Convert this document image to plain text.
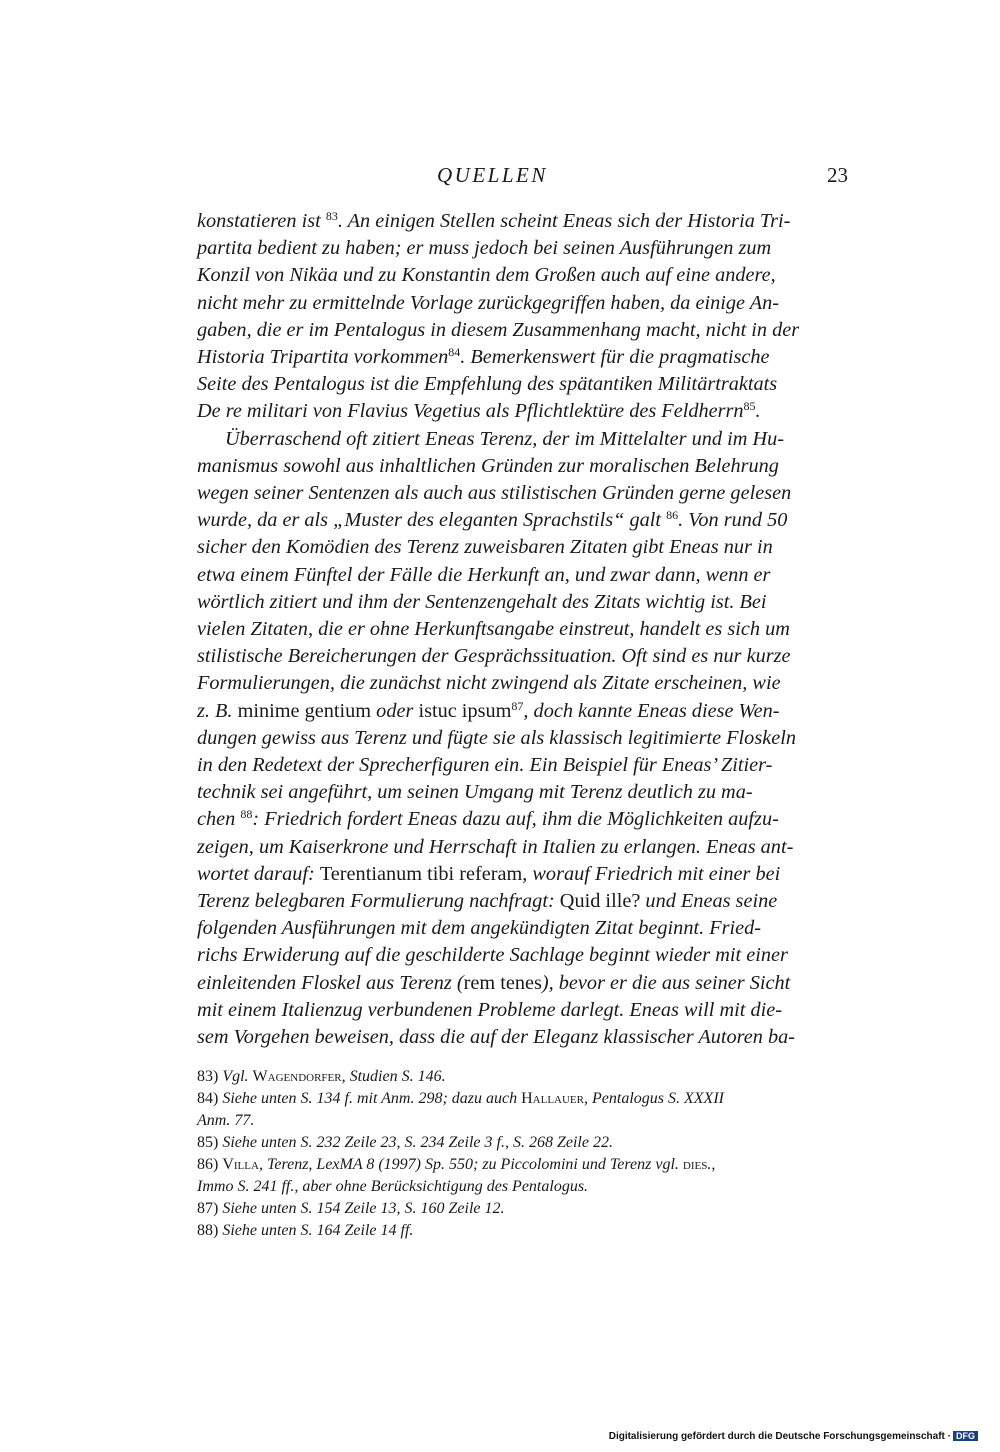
QUELLEN	23

konstatieren ist $^{83}$. An einigen Stellen scheint Eneas sich der Historia Tri-
partita bedient zu haben; er muss jedoch bei seinen Ausführungen zum
Konzil von Nikäa und zu Konstantin dem Großen auch auf eine andere,
nicht mehr zu ermittelnde Vorlage zurückgegriffen haben, da einige An-
gaben, die er im Pentalogus in diesem Zusammenhang macht, nicht in der
Historia Tripartita vorkommen$^{84}$. Bemerkenswert für die pragmatische
Seite des Pentalogus ist die Empfehlung des spätantiken Militärtraktats
De re militari von Flavius Vegetius als Pflichtlektüre des Feldherrn$^{85}$.

Überraschend oft zitiert Eneas Terenz, der im Mittelalter und im Hu-
manismus sowohl aus inhaltlichen Gründen zur moralischen Belehrung
wegen seiner Sentenzen als auch aus stilistischen Gründen gerne gelesen
wurde, da er als „Muster des eleganten Sprachstils“ galt $^{86}$. Von rund 50
sicher den Komödien des Terenz zuweisbaren Zitaten gibt Eneas nur in
etwa einem Fünftel der Fälle die Herkunft an, und zwar dann, wenn er
wörtlich zitiert und ihm der Sentenzengehalt des Zitats wichtig ist. Bei
vielen Zitaten, die er ohne Herkunftsangabe einstreut, handelt es sich um
stilistische Bereicherungen der Gesprächssituation. Oft sind es nur kurze
Formulierungen, die zunächst nicht zwingend als Zitate erscheinen, wie
z. B. minime gentium oder istuc ipsum$^{87}$, doch kannte Eneas diese Wen-
dungen gewiss aus Terenz und fügte sie als klassisch legitimierte Floskeln
in den Redetext der Sprecherfiguren ein. Ein Beispiel für Eneas’ Zitier-
technik sei angeführt, um seinen Umgang mit Terenz deutlich zu ma-
chen $^{88}$: Friedrich fordert Eneas dazu auf, ihm die Möglichkeiten aufzu-
zeigen, um Kaiserkrone und Herrschaft in Italien zu erlangen. Eneas ant-
wortet darauf: Terentianum tibi referam, worauf Friedrich mit einer bei
Terenz belegbaren Formulierung nachfragt: Quid ille? und Eneas seine
folgenden Ausführungen mit dem angekündigten Zitat beginnt. Fried-
richs Erwiderung auf die geschilderte Sachlage beginnt wieder mit einer
einleitenden Floskel aus Terenz (rem tenes), bevor er die aus seiner Sicht
mit einem Italienzug verbundenen Probleme darlegt. Eneas will mit die-
sem Vorgehen beweisen, dass die auf der Eleganz klassischer Autoren ba-

83) Vgl. Wagendorfer, Studien S. 146.

84) Siehe unten S. 134 f. mit Anm. 298; dazu auch Hallauer, Pentalogus S. XXXII
Anm. 77.

85) Siehe unten S. 232 Zeile 23, S. 234 Zeile 3 f., S. 268 Zeile 22.

86) Villa, Terenz, LexMA 8 (1997) Sp. 550; zu Piccolomini und Terenz vgl. dies.,
Immo S. 241 ff., aber ohne Berücksichtigung des Pentalogus.

87) Siehe unten S. 154 Zeile 13, S. 160 Zeile 12.

88) Siehe unten S. 164 Zeile 14 ff.

Digitalisierung gefördert durch die Deutsche Forschungsgemeinschaft · DFG
